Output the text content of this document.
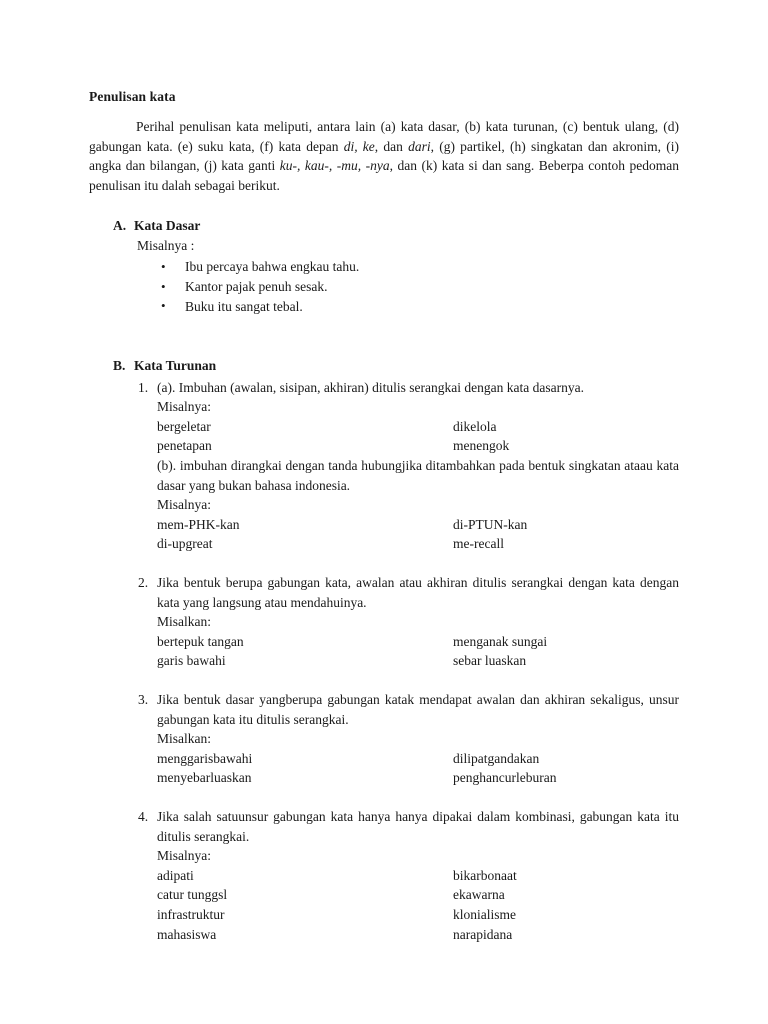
Penulisan kata

Perihal penulisan kata meliputi, antara lain (a) kata dasar, (b) kata turunan, (c) bentuk ulang, (d) gabungan kata. (e) suku kata, (f) kata depan di, ke, dan dari, (g) partikel, (h) singkatan dan akronim, (i) angka dan bilangan, (j) kata ganti ku-, kau-, -mu, -nya, dan (k) kata si dan sang. Beberpa contoh pedoman penulisan itu dalah sebagai berikut.

A. Kata Dasar
Misalnya :
• Ibu percaya bahwa engkau tahu.
• Kantor pajak penuh sesak.
• Buku itu sangat tebal.
B. Kata Turunan
1. (a). Imbuhan (awalan, sisipan, akhiran) ditulis serangkai dengan kata dasarnya.

Misalnya:

bergeletar	dikelola
penetapan	menengok

(b). imbuhan dirangkai dengan tanda hubungjika ditambahkan pada bentuk singkatan ataau kata dasar yang bukan bahasa indonesia.

Misalnya:

mem-PHK-kan	di-PTUN-kan
di-upgreat	me-recall
2. Jika bentuk berupa gabungan kata, awalan atau akhiran ditulis serangkai dengan kata dengan kata yang langsung atau mendahuinya.

Misalkan:

bertepuk tangan	menganak sungai
garis bawahi	sebar luaskan
3. Jika bentuk dasar yangberupa gabungan katak mendapat awalan dan akhiran sekaligus, unsur gabungan kata itu ditulis serangkai.

Misalkan:

menggarisbawahi	dilipatgandakan
menyebarluaskan	penghancurleburan
4. Jika salah satuunsur gabungan kata hanya hanya dipakai dalam kombinasi, gabungan kata itu ditulis serangkai.

Misalnya:

adipati	bikarbonaat
catur tunggsl	ekawarna
infrastruktur	klonialisme
mahasiswa	narapidana
